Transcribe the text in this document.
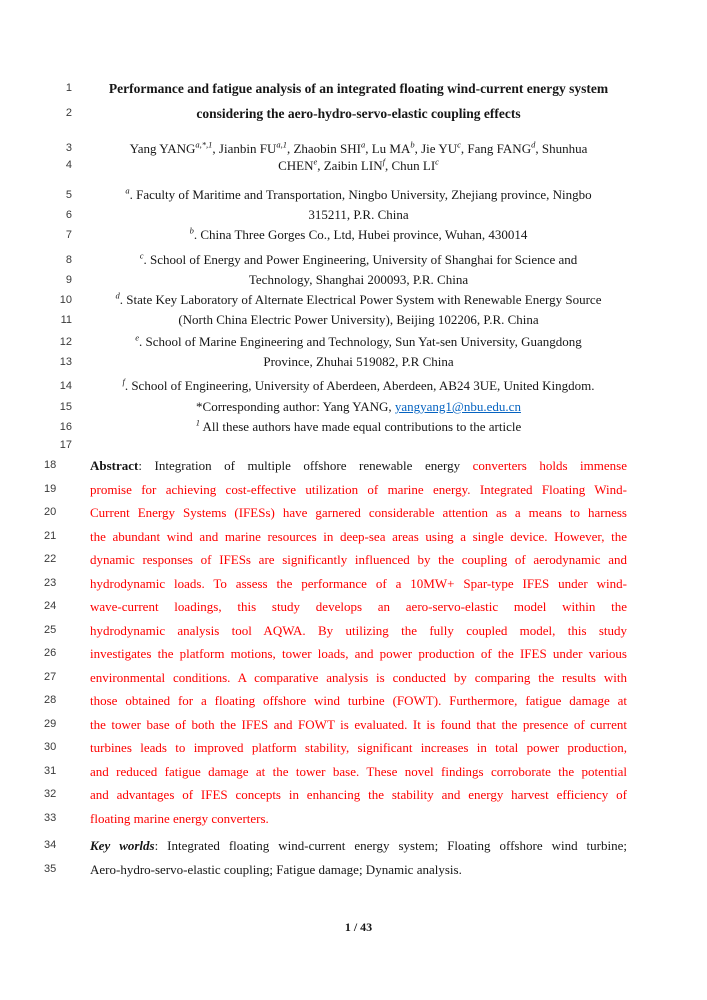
1	Performance and fatigue analysis of an integrated floating wind-current energy system
2	considering the aero-hydro-servo-elastic coupling effects
3	Yang $YANG^{a,*,1}$, Jianbin FU$^{a,1}$, Zhaobin SHI$^a$, Lu $MA^b$, Jie $YU^c$, Fang FANG$^d$, Shunhua
4	CHEN$^e$, Zaibin LIN$^f$, Chun $LI^c$
5	$^a$. Faculty of Maritime and Transportation, Ningbo University, Zhejiang province, Ningbo
6	315211, P.R. China
7	$^b$. China Three Gorges Co., Ltd, Hubei province, Wuhan, 430014
8	$^c$. School of Energy and Power Engineering, University of Shanghai for Science and
9	Technology, Shanghai 200093, P.R. China
10	$^d$. State Key Laboratory of Alternate Electrical Power System with Renewable Energy Source
11	(North China Electric Power University), Beijing 102206, P.R. China
12	$^e$. School of Marine Engineering and Technology, Sun Yat-sen University, Guangdong
13	Province, Zhuhai 519082, P.R China
14	$^f$. School of Engineering, University of Aberdeen, Aberdeen, AB24 3UE, United Kingdom.
15	*Corresponding author: Yang YANG, yangyang1@nbu.edu.cn
16	$^1$ All these authors have made equal contributions to the article
17

18	Abstract: Integration of multiple offshore renewable energy converters holds immense
19	promise for achieving cost-effective utilization of marine energy. Integrated Floating Wind-
20	Current Energy Systems (IFESs) have garnered considerable attention as a means to harness
21	the abundant wind and marine resources in deep-sea areas using a single device. However, the
22	dynamic responses of IFESs are significantly influenced by the coupling of aerodynamic and
23	hydrodynamic loads. To assess the performance of a 10MW+ Spar-type IFES under wind-
24	wave-current loadings, this study develops an aero-servo-elastic model within the
25	hydrodynamic analysis tool AQWA. By utilizing the fully coupled model, this study
26	investigates the platform motions, tower loads, and power production of the IFES under various
27	environmental conditions. A comparative analysis is conducted by comparing the results with
28	those obtained for a floating offshore wind turbine (FOWT). Furthermore, fatigue damage at
29	the tower base of both the IFES and FOWT is evaluated. It is found that the presence of current
30	turbines leads to improved platform stability, significant increases in total power production,
31	and reduced fatigue damage at the tower base. These novel findings corroborate the potential
32	and advantages of IFES concepts in enhancing the stability and energy harvest efficiency of
33	floating marine energy converters.
34	Key worlds: Integrated floating wind-current energy system; Floating offshore wind turbine;
35	Aero-hydro-servo-elastic coupling; Fatigue damage; Dynamic analysis.
1 / 43
